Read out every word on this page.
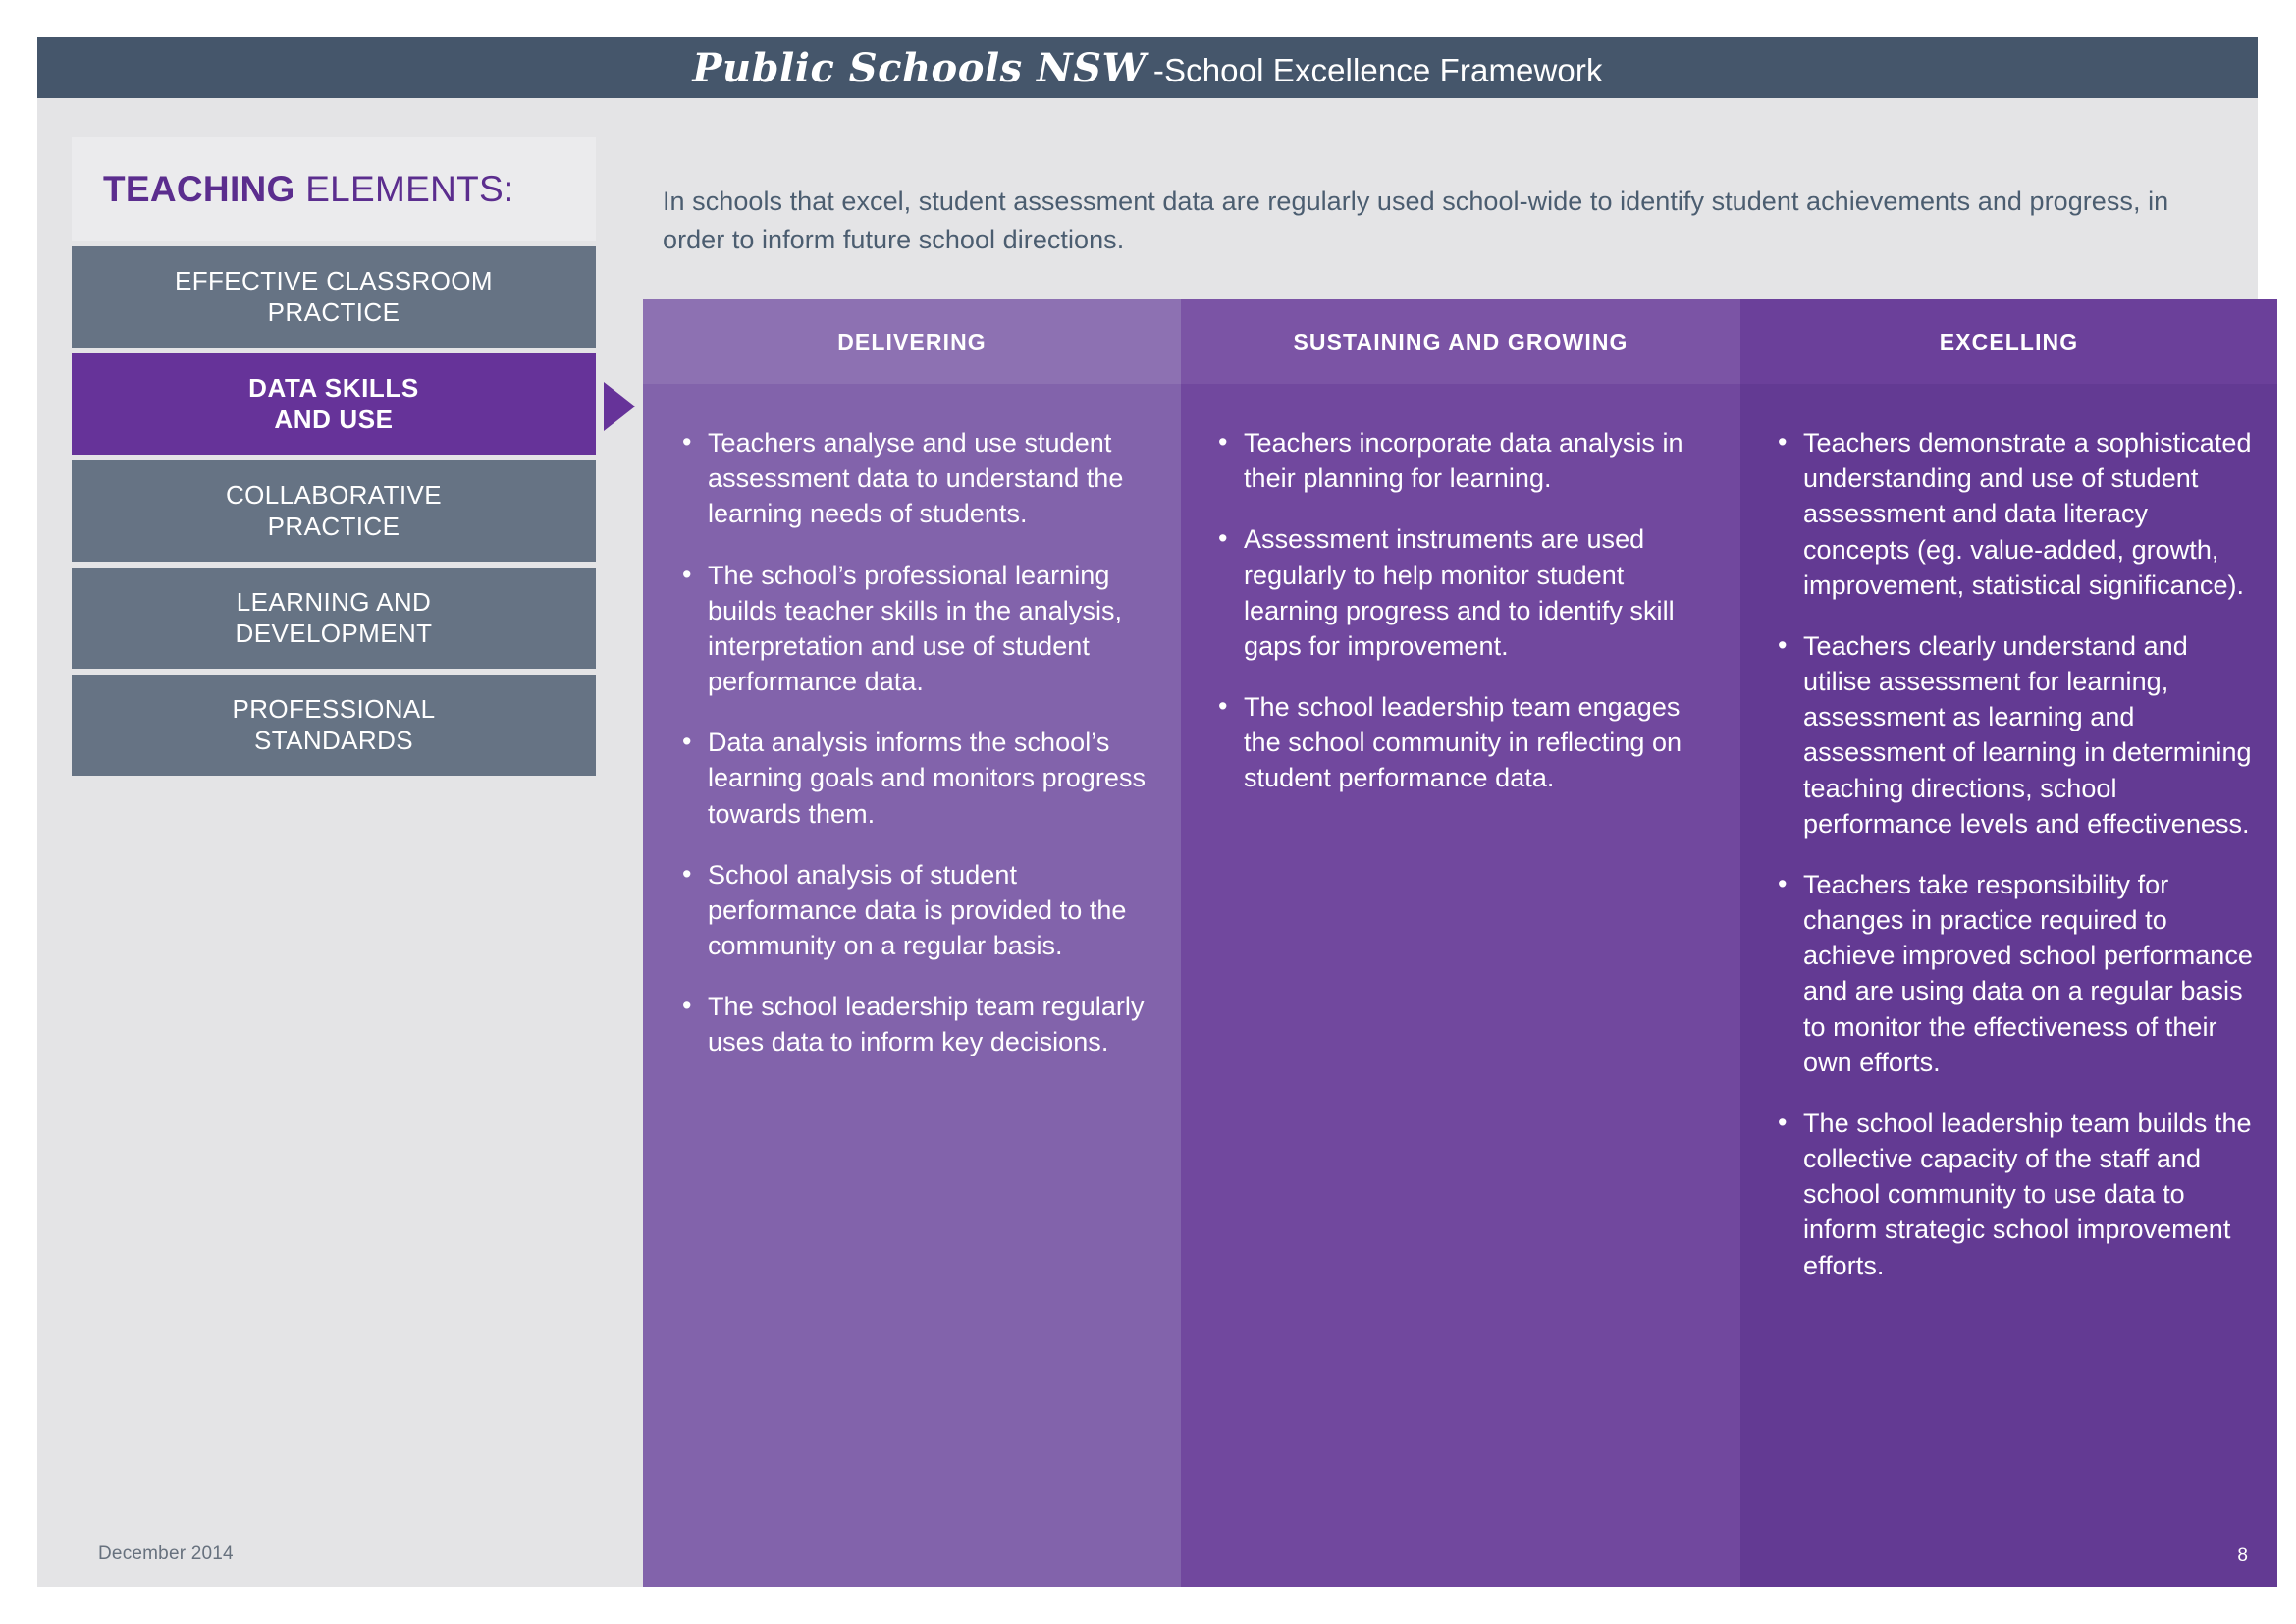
Public Schools NSW - School Excellence Framework
December 2014
TEACHING ELEMENTS:
EFFECTIVE CLASSROOM
PRACTICE
DATA SKILLS
AND USE
COLLABORATIVE
PRACTICE
LEARNING AND
DEVELOPMENT
PROFESSIONAL
STANDARDS
In schools that excel, student assessment data are regularly used school-wide to identify student achievements and progress, in order to inform future school directions.
DELIVERING
• Teachers analyse and use student assessment data to understand the learning needs of students.
• The school’s professional learning builds teacher skills in the analysis, interpretation and use of student performance data.
• Data analysis informs the school’s learning goals and monitors progress towards them.
• School analysis of student performance data is provided to the community on a regular basis.
• The school leadership team regularly uses data to inform key decisions.
SUSTAINING AND GROWING
• Teachers incorporate data analysis in their planning for learning.
• Assessment instruments are used regularly to help monitor student learning progress and to identify skill gaps for improvement.
• The school leadership team engages the school community in reflecting on student performance data.
EXCELLING
• Teachers demonstrate a sophisticated understanding and use of student assessment and data literacy concepts (eg. value-added, growth, improvement, statistical significance).
• Teachers clearly understand and utilise assessment for learning, assessment as learning and assessment of learning in determining teaching directions, school performance levels and effectiveness.
• Teachers take responsibility for changes in practice required to achieve improved school performance and are using data on a regular basis to monitor the effectiveness of their own efforts.
• The school leadership team builds the collective capacity of the staff and school community to use data to inform strategic school improvement efforts.
8
